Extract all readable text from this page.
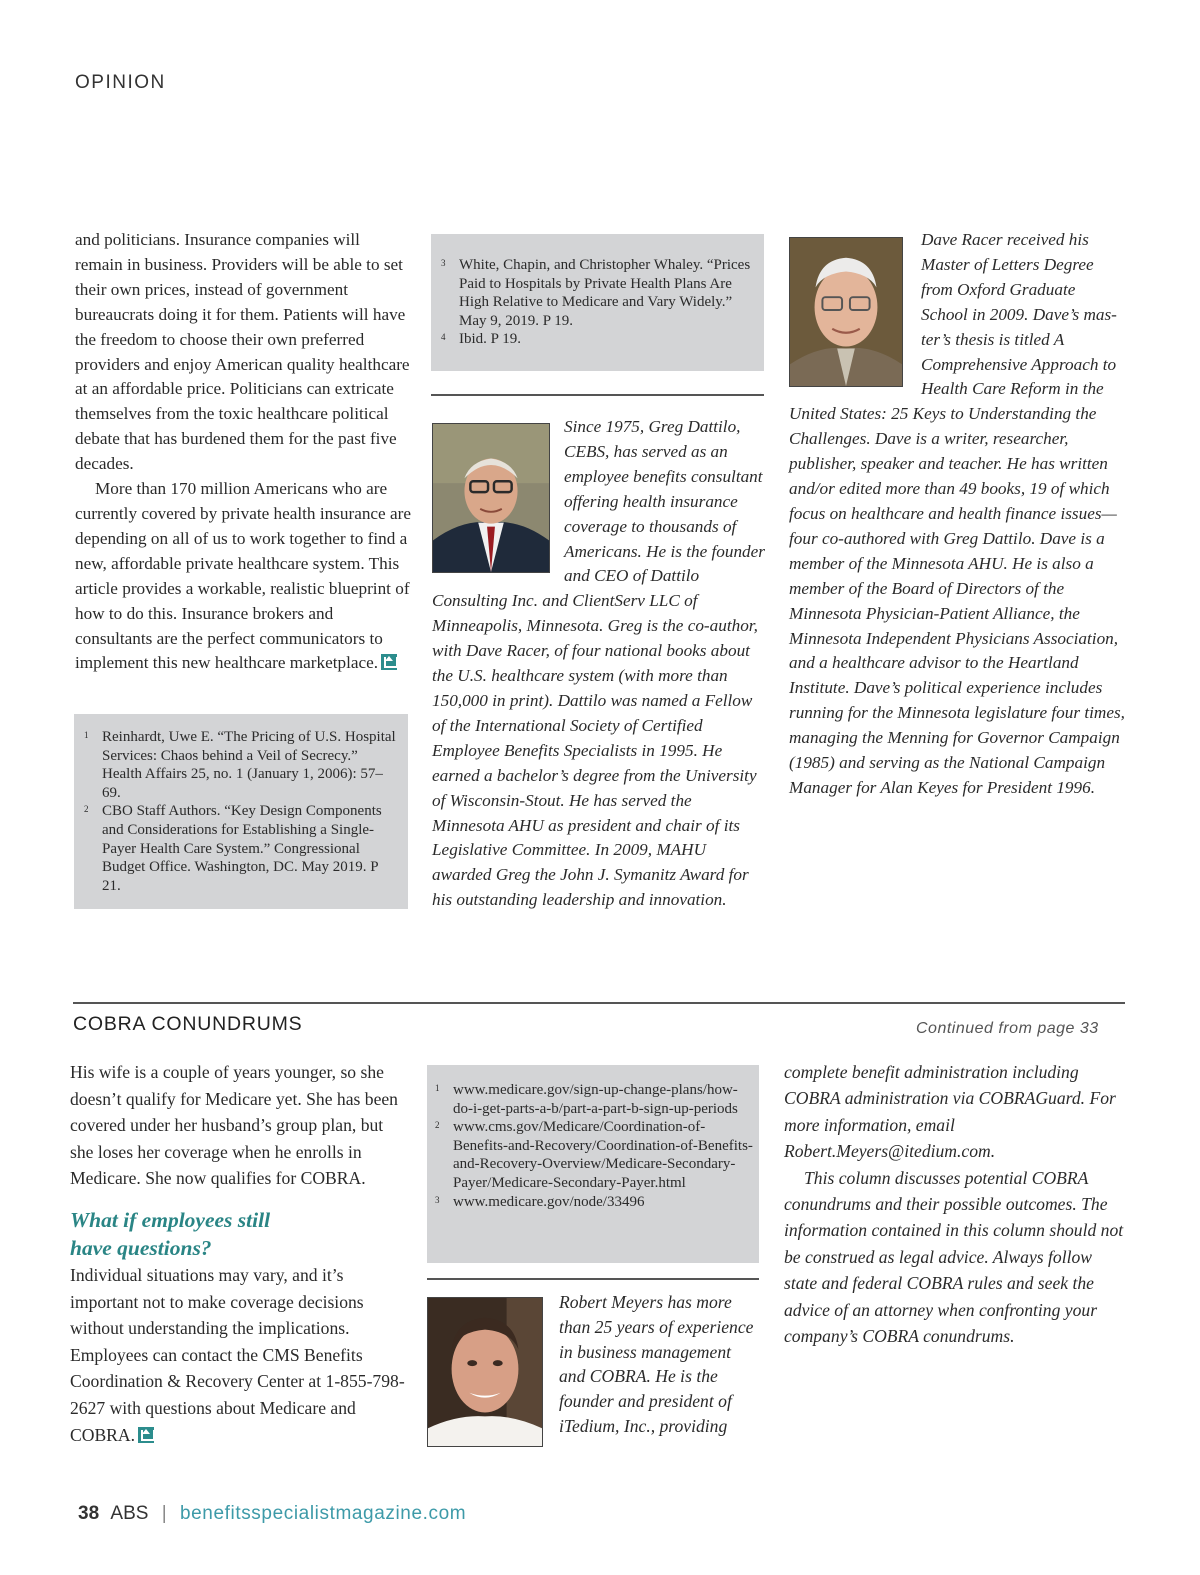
OPINION

and politicians. Insurance companies will remain in business. Providers will be able to set their own prices, instead of government bureaucrats doing it for them. Patients will have the freedom to choose their own preferred providers and enjoy American quality healthcare at an affordable price. Politicians can extricate themselves from the toxic healthcare political debate that has burdened them for the past five decades.

More than 170 million Americans who are currently covered by private health insurance are depending on all of us to work together to find a new, affordable private healthcare system. This article provides a workable, realistic blueprint of how to do this. Insurance brokers and consultants are the perfect communicators to implement this new healthcare marketplace.

1 Reinhardt, Uwe E. “The Pricing of U.S. Hospital Services: Chaos behind a Veil of Secrecy.” Health Affairs 25, no. 1 (January 1, 2006): 57–69.
2 CBO Staff Authors. “Key Design Components and Considerations for Establishing a Single-Payer Health Care System.” Congressional Budget Office. Washington, DC. May 2019. P 21.
3 White, Chapin, and Christopher Whaley. “Prices Paid to Hospitals by Private Health Plans Are High Relative to Medicare and Vary Widely.” May 9, 2019. P 19.
4 Ibid. P 19.

Since 1975, Greg Dattilo, CEBS, has served as an employee benefits consultant offering health insurance coverage to thousands of Americans. He is the founder and CEO of Dattilo Consulting Inc. and ClientServ LLC of Minneapolis, Minnesota. Greg is the co-author, with Dave Racer, of four national books about the U.S. healthcare system (with more than 150,000 in print). Dattilo was named a Fellow of the International Society of Certified Employee Benefits Specialists in 1995. He earned a bachelor’s degree from the University of Wisconsin-Stout. He has served the Minnesota AHU as president and chair of its Legislative Committee. In 2009, MAHU awarded Greg the John J. Symanitz Award for his outstanding leadership and innovation.

Dave Racer received his Master of Letters Degree from Oxford Graduate School in 2009. Dave’s master’s thesis is titled A Comprehensive Approach to Health Care Reform in the United States: 25 Keys to Understanding the Challenges. Dave is a writer, researcher, publisher, speaker and teacher. He has written and/or edited more than 49 books, 19 of which focus on healthcare and health finance issues—four co-authored with Greg Dattilo. Dave is a member of the Minnesota AHU. He is also a member of the Board of Directors of the Minnesota Physician-Patient Alliance, the Minnesota Independent Physicians Association, and a healthcare advisor to the Heartland Institute. Dave’s political experience includes running for the Minnesota legislature four times, managing the Menning for Governor Campaign (1985) and serving as the National Campaign Manager for Alan Keyes for President 1996.

COBRA CONUNDRUMS	Continued from page 33

His wife is a couple of years younger, so she doesn’t qualify for Medicare yet. She has been covered under her husband’s group plan, but she loses her coverage when he enrolls in Medicare. She now qualifies for COBRA.

What if employees still have questions?

Individual situations may vary, and it’s important not to make coverage decisions without understanding the implications. Employees can contact the CMS Benefits Coordination & Recovery Center at 1-855-798-2627 with questions about Medicare and COBRA.

1 www.medicare.gov/sign-up-change-plans/how-do-i-get-parts-a-b/part-a-part-b-sign-up-periods
2 www.cms.gov/Medicare/Coordination-of-Benefits-and-Recovery/Coordination-of-Benefits-and-Recovery-Overview/Medicare-Secondary-Payer/Medicare-Secondary-Payer.html
3 www.medicare.gov/node/33496
Robert Meyers has more than 25 years of experience in business management and COBRA. He is the founder and president of iTedium, Inc., providing

complete benefit administration including COBRA administration via COBRAGuard. For more information, email Robert.Meyers@itedium.com.

This column discusses potential COBRA conundrums and their possible outcomes. The information contained in this column should not be construed as legal advice. Always follow state and federal COBRA rules and seek the advice of an attorney when confronting your company’s COBRA conundrums.

38 ABS | benefitsspecialistmagazine.com
